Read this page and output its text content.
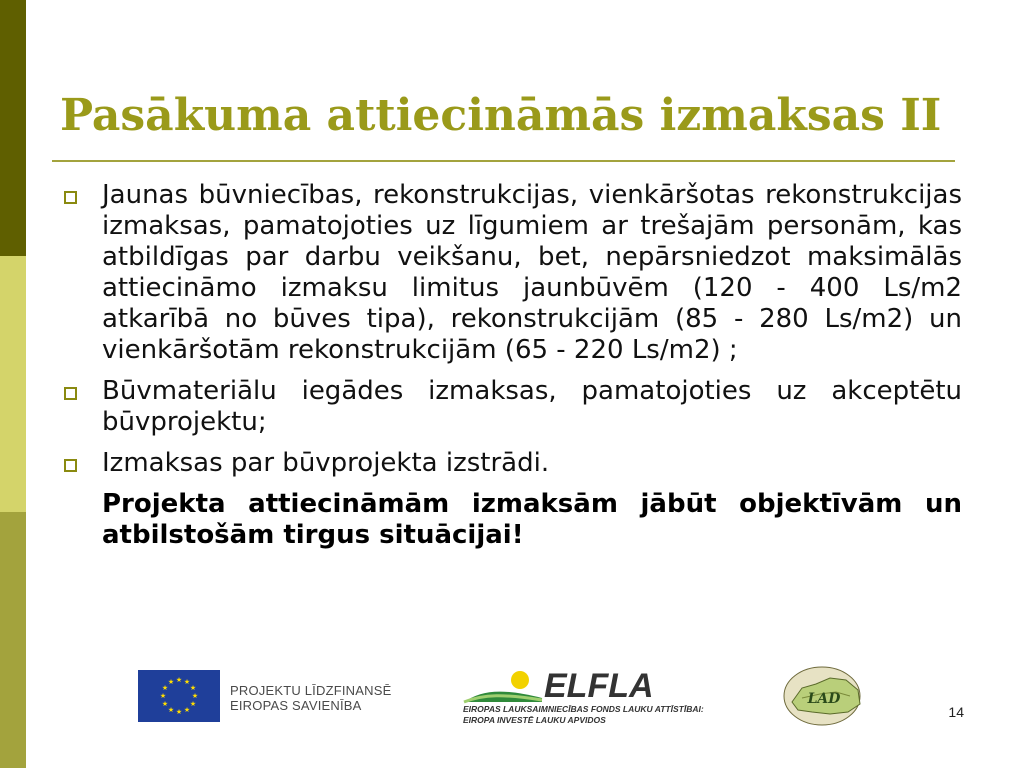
Pasākuma attiecināmās izmaksas II

Jaunas būvniecības, rekonstrukcijas, vienkāršotas rekonstrukcijas izmaksas, pamatojoties uz līgumiem ar trešajām personām, kas atbildīgas par darbu veikšanu, bet, nepārsniedzot maksimālās attiecināmo izmaksu limitus jaunbūvēm (120 - 400 Ls/m2 atkarībā no būves tipa), rekonstrukcijām (85 - 280 Ls/m2) un vienkāršotām rekonstrukcijām (65 - 220 Ls/m2) ;

Būvmateriālu iegādes izmaksas, pamatojoties uz akceptētu būvprojektu;

Izmaksas par būvprojekta izstrādi.

Projekta attiecināmām izmaksām jābūt objektīvām un atbilstošām tirgus situācijai!

★ ★
★
★
★
★
★
★
★
★
★
★
PROJEKTU LĪDZFINANSĒ
EIROPAS SAVIENĪBA
ELFLA
EIROPAS LAUKSAIMNIECĪBAS FONDS LAUKU ATTĪSTĪBAI:
EIROPA INVESTĒ LAUKU APVIDOS
LAD
14
